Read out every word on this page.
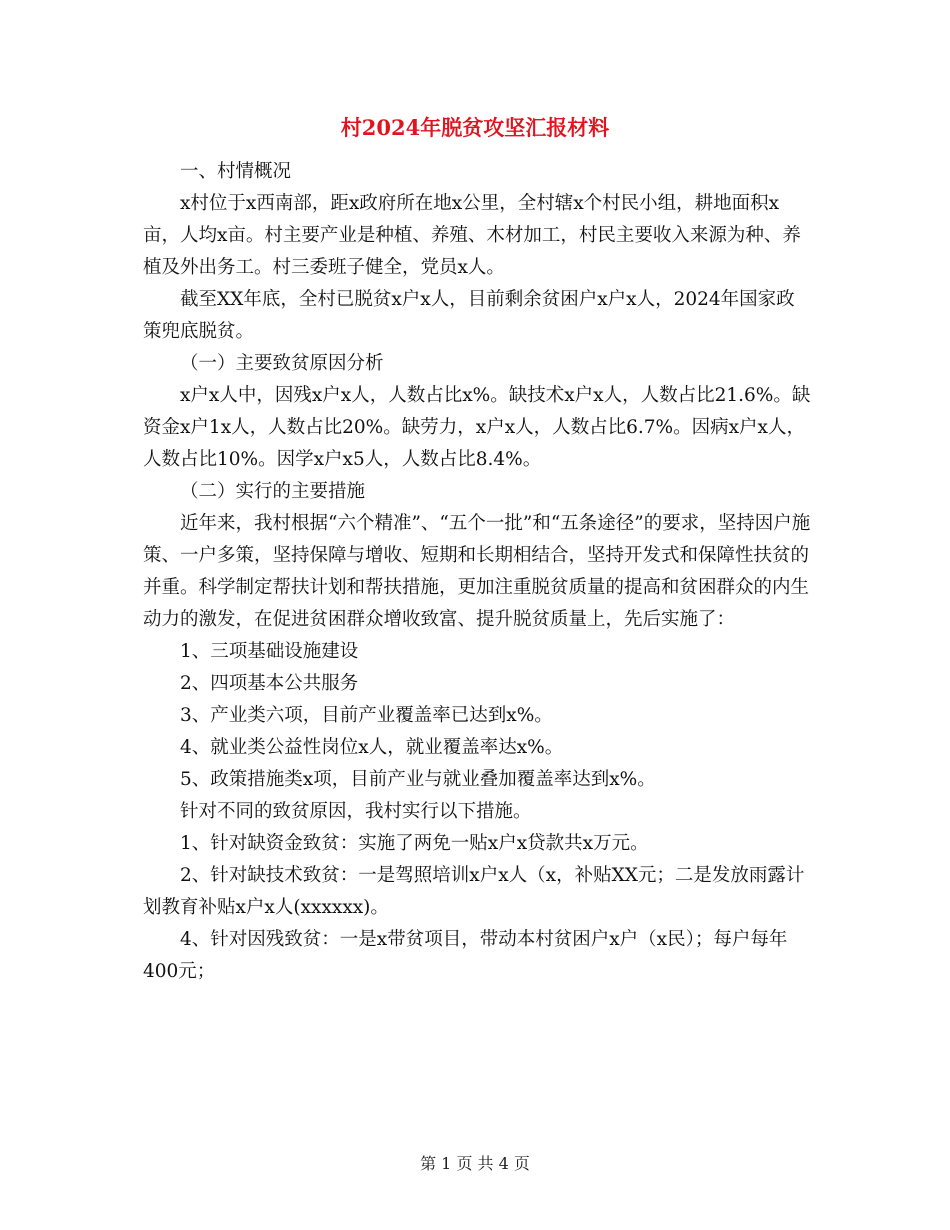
村2024年脱贫攻坚汇报材料

一、村情概况

x村位于x西南部，距x政府所在地x公里，全村辖x个村民小组，耕地面积x亩，人均x亩。村主要产业是种植、养殖、木材加工，村民主要收入来源为种、养植及外出务工。村三委班子健全，党员x人。

截至XX年底，全村已脱贫x户x人，目前剩余贫困户x户x人，2024年国家政策兜底脱贫。

（一）主要致贫原因分析

x户x人中，因残x户x人，人数占比x%。缺技术x户x人，人数占比21.6%。缺资金x户1x人，人数占比20%。缺劳力，x户x人，人数占比6.7%。因病x户x人，人数占比10%。因学x户x5人，人数占比8.4%。

（二）实行的主要措施

近年来，我村根据“六个精准”、“五个一批”和“五条途径”的要求，坚持因户施策、一户多策，坚持保障与增收、短期和长期相结合，坚持开发式和保障性扶贫的并重。科学制定帮扶计划和帮扶措施，更加注重脱贫质量的提高和贫困群众的内生动力的激发，在促进贫困群众增收致富、提升脱贫质量上，先后实施了：

1、三项基础设施建设

2、四项基本公共服务

3、产业类六项，目前产业覆盖率已达到x%。

4、就业类公益性岗位x人，就业覆盖率达x%。

5、政策措施类x项，目前产业与就业叠加覆盖率达到x%。

针对不同的致贫原因，我村实行以下措施。

1、针对缺资金致贫：实施了两免一贴x户x贷款共x万元。

2、针对缺技术致贫：一是驾照培训x户x人（x，补贴XX元；二是发放雨露计划教育补贴x户x人(xxxxxx)。

4、针对因残致贫：一是x带贫项目，带动本村贫困户x户（x民）；每户每年400元；

第 1 页 共 4 页
